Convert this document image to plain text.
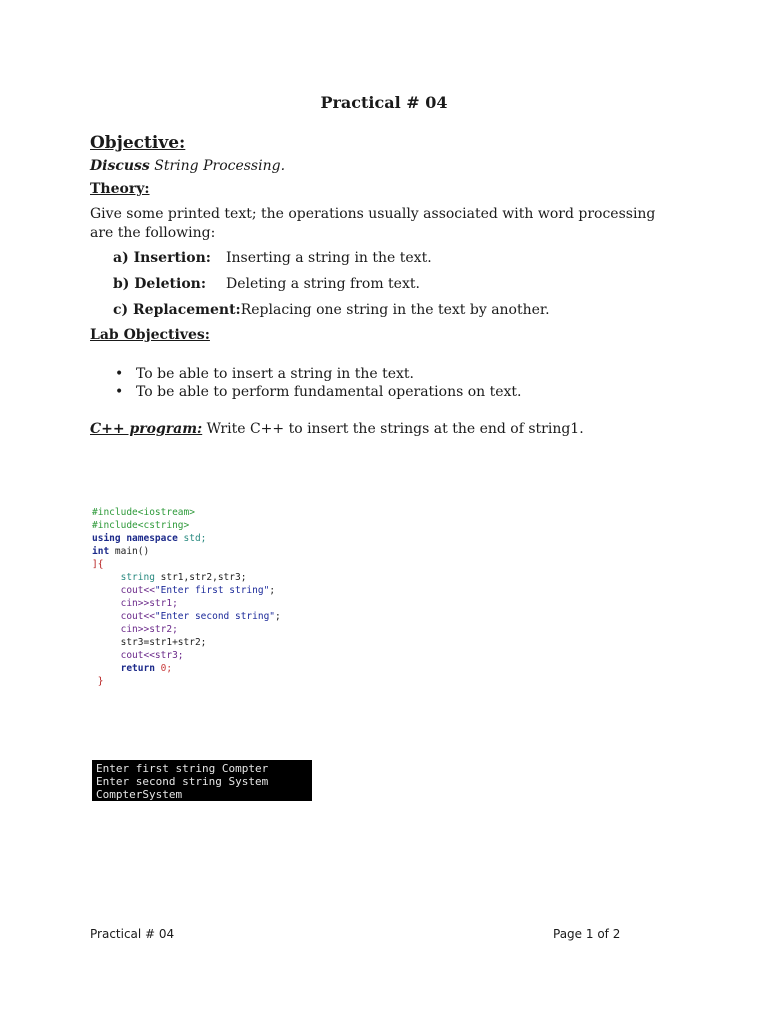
Practical # 04
Objective:
Discuss String Processing.
Theory:
Give some printed text; the operations usually associated with word processing are the following:
a) Insertion: Inserting a string in the text.
b) Deletion: Deleting a string from text.
c) Replacement:Replacing one string in the text by another.
Lab Objectives:
• To be able to insert a string in the text.
• To be able to perform fundamental operations on text.
C++ program: Write C++ to insert the strings at the end of string1.
#include<iostream>
#include<cstring>
using namespace std;
int main()
]{
string str1,str2,str3;
cout<<"Enter first string";
cin>>str1;
cout<<"Enter second string";
cin>>str2;
str3=str1+str2;
cout<<str3;
return 0;
}
Enter first string Compter
Enter second string System
CompterSystem
Practical # 04	Page 1 of 2
